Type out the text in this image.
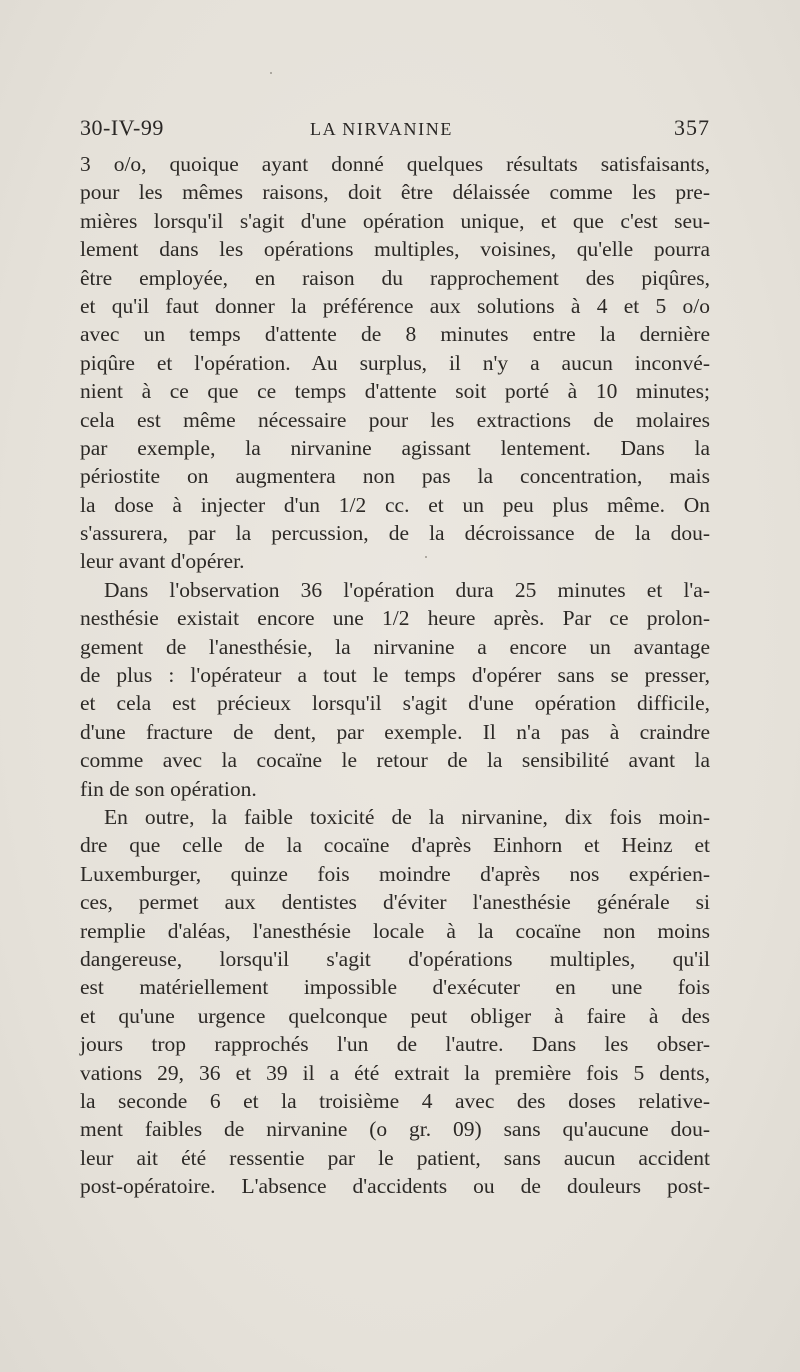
30-IV-99	LA NIRVANINE	357
3 o/o, quoique ayant donné quelques résultats satisfaisants,
pour les mêmes raisons, doit être délaissée comme les pre-
mières lorsqu'il s'agit d'une opération unique, et que c'est seu-
lement dans les opérations multiples, voisines, qu'elle pourra
être employée, en raison du rapprochement des piqûres,
et qu'il faut donner la préférence aux solutions à 4 et 5 o/o
avec un temps d'attente de 8 minutes entre la dernière
piqûre et l'opération. Au surplus, il n'y a aucun inconvé-
nient à ce que ce temps d'attente soit porté à 10 minutes;
cela est même nécessaire pour les extractions de molaires
par exemple, la nirvanine agissant lentement. Dans la
périostite on augmentera non pas la concentration, mais
la dose à injecter d'un 1/2 cc. et un peu plus même. On
s'assurera, par la percussion, de la décroissance de la dou-
leur avant d'opérer.
Dans l'observation 36 l'opération dura 25 minutes et l'a-
nesthésie existait encore une 1/2 heure après. Par ce prolon-
gement de l'anesthésie, la nirvanine a encore un avantage
de plus : l'opérateur a tout le temps d'opérer sans se presser,
et cela est précieux lorsqu'il s'agit d'une opération difficile,
d'une fracture de dent, par exemple. Il n'a pas à craindre
comme avec la cocaïne le retour de la sensibilité avant la
fin de son opération.
En outre, la faible toxicité de la nirvanine, dix fois moin-
dre que celle de la cocaïne d'après Einhorn et Heinz et
Luxemburger, quinze fois moindre d'après nos expérien-
ces, permet aux dentistes d'éviter l'anesthésie générale si
remplie d'aléas, l'anesthésie locale à la cocaïne non moins
dangereuse, lorsqu'il s'agit d'opérations multiples, qu'il
est matériellement impossible d'exécuter en une fois
et qu'une urgence quelconque peut obliger à faire à des
jours trop rapprochés l'un de l'autre. Dans les obser-
vations 29, 36 et 39 il a été extrait la première fois 5 dents,
la seconde 6 et la troisième 4 avec des doses relative-
ment faibles de nirvanine (o gr. 09) sans qu'aucune dou-
leur ait été ressentie par le patient, sans aucun accident
post-opératoire. L'absence d'accidents ou de douleurs post-
